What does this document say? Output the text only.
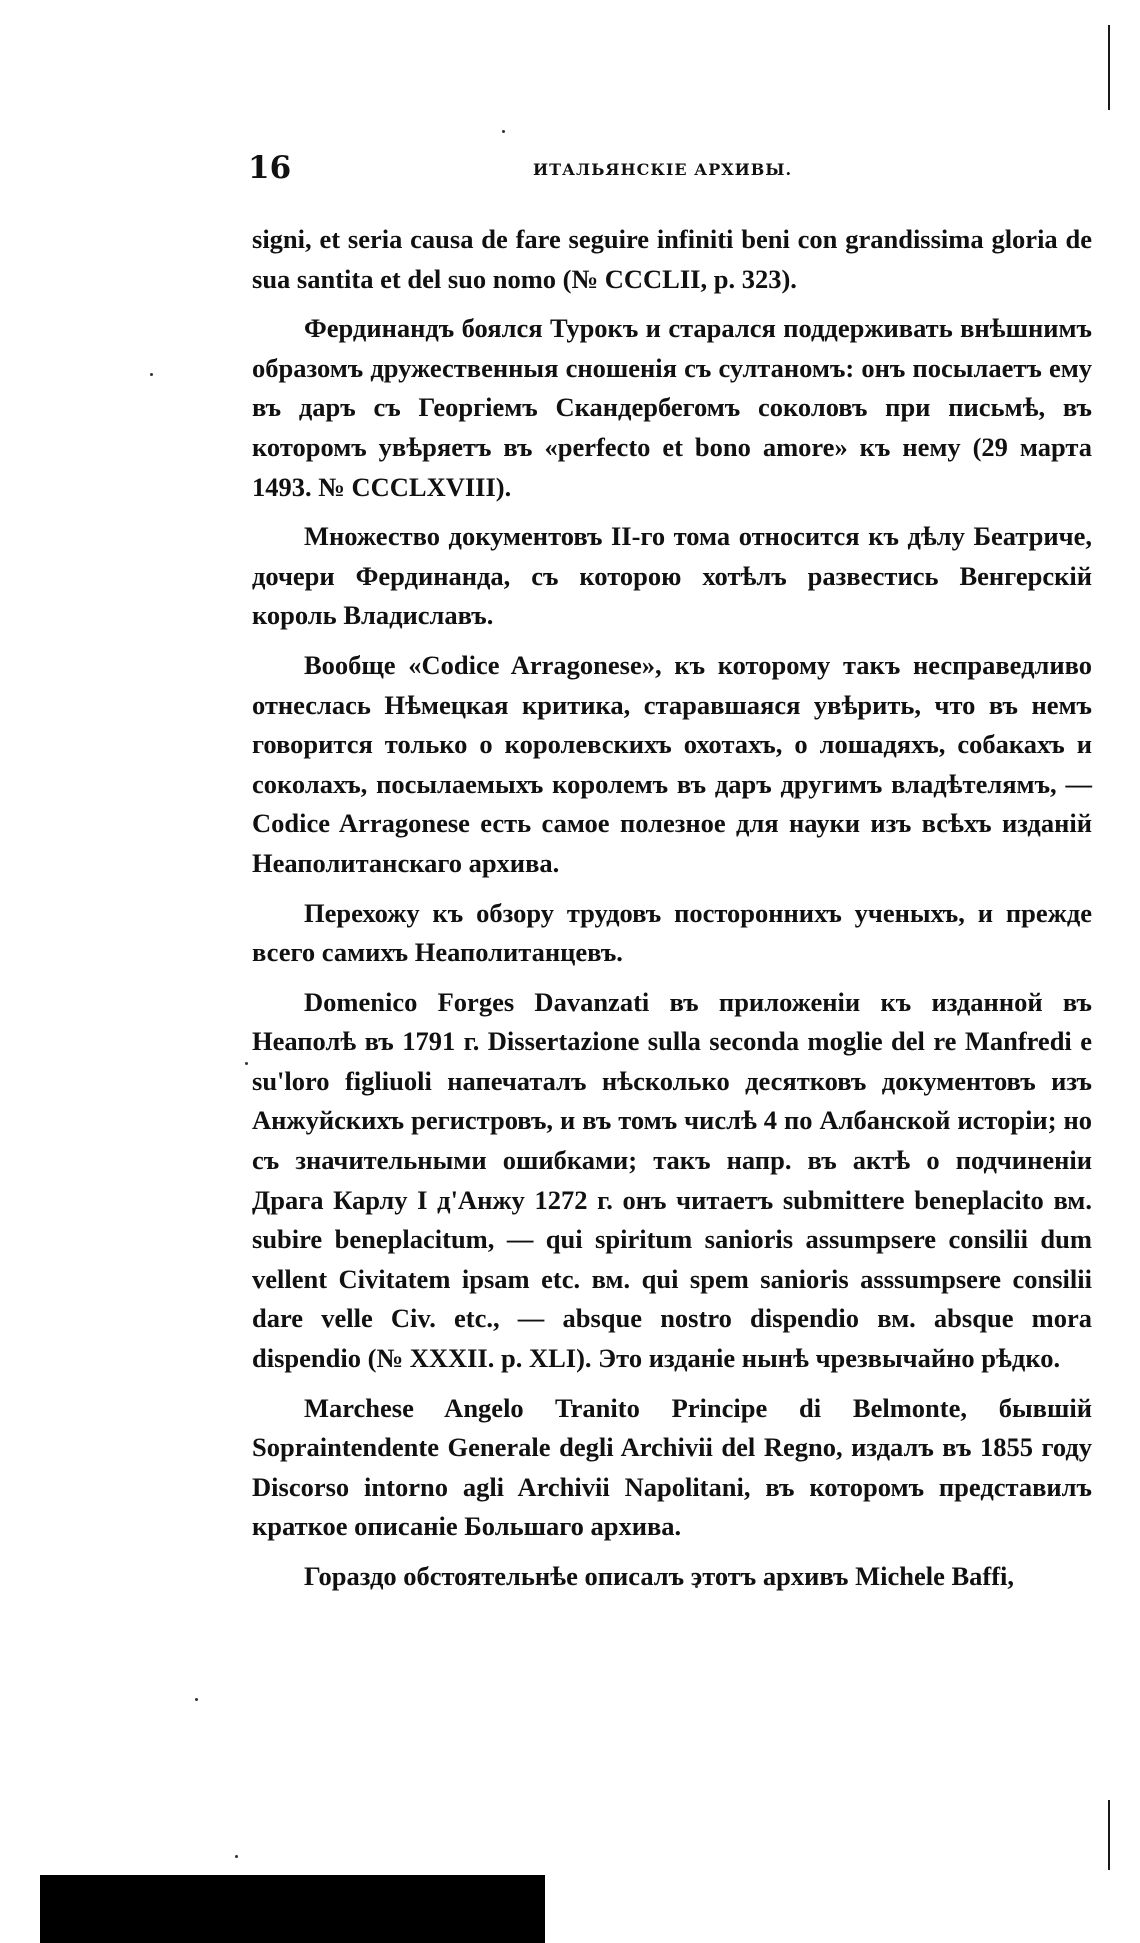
16	ИТАЛЬЯНСКІЕ АРХИВЫ.

signi, et seria causa de fare seguire infiniti beni con grandissima gloria de sua santita et del suo nomo (№ CCCLII, p. 323).

Фердинандъ боялся Турокъ и старался поддерживать внѣшнимъ образомъ дружественныя сношенія съ султаномъ: онъ посылаетъ ему въ даръ съ Георгіемъ Скандербегомъ соколовъ при письмѣ, въ которомъ увѣряетъ въ «perfecto et bono amore» къ нему (29 марта 1493. № CCCLXVIII).

Множество документовъ II-го тома относится къ дѣлу Беатриче, дочери Фердинанда, съ которою хотѣлъ развестись Венгерскій король Владиславъ.

Вообще «Codice Arragonese», къ которому такъ несправедливо отнеслась Нѣмецкая критика, старавшаяся увѣрить, что въ немъ говорится только о королевскихъ охотахъ, о лошадяхъ, собакахъ и соколахъ, посылаемыхъ королемъ въ даръ другимъ владѣтелямъ, — Codice Arragonese есть самое полезное для науки изъ всѣхъ изданій Неаполитанскаго архива.

Перехожу къ обзору трудовъ постороннихъ ученыхъ, и прежде всего самихъ Неаполитанцевъ.

Domenico Forges Davanzati въ приложеніи къ изданной въ Неаполѣ въ 1791 г. Dissertazione sulla seconda moglie del re Manfredi e su'loro figliuoli напечаталъ нѣсколько десятковъ документовъ изъ Анжуйскихъ регистровъ, и въ томъ числѣ 4 по Албанской исторіи; но съ значительными ошибками; такъ напр. въ актѣ о подчиненіи Драга Карлу I д'Анжу 1272 г. онъ читаетъ submittere beneplacito вм. subire beneplacitum, — qui spiritum sanioris assumpsere consilii dum vellent Civitatem ipsam etc. вм. qui spem sanioris asssumpsere consilii dare velle Civ. etc., — absque nostro dispendio вм. absque mora dispendio (№ XXXII. p. XLI). Это изданіе нынѣ чрезвычайно рѣдко.

Marchese Angelo Tranito Principe di Belmonte, бывшій Sopraintendente Generale degli Archivii del Regno, издалъ въ 1855 году Discorso intorno agli Archivii Napolitani, въ которомъ представилъ краткое описаніе Большаго архива.

Гораздо обстоятельнѣе описалъ этотъ архивъ Michele Baffi,
